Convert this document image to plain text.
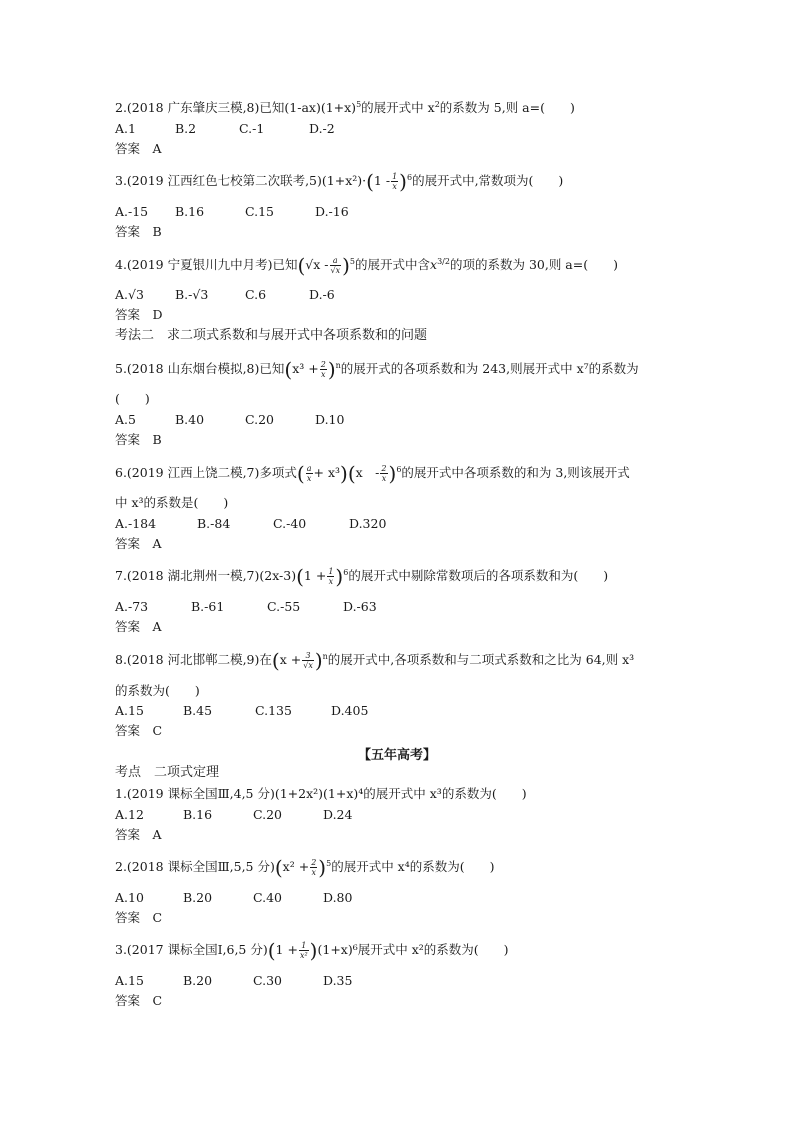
2.(2018 广东肇庆三模,8)已知$(1-ax)(1+x)^5$的展开式中 $x^2$的系数为 5,则 a=(　　)
A.1	B.2	C.-1	D.-2
答案　A
3.(2019 江西红色七校第二次联考$,5)(1+x^2)\cdot(1 - \frac{1}{x} )^6$的展开式中,常数项为(　　)
A.-15 B.16	C.15	D.-16
答案　B
4.(2019 宁夏银川九中月考)已知$(√x - \frac{a}{√x} )^5$的展开式中含$x^{3/2}$的项的系数为 30,则 a=(　　)
A.√3 B.-√3	C.6	D.-6
答案　D
考法二　求二项式系数和与展开式中各项系数和的问题
5.(2018 山东烟台模拟,8)已知$(x^3 + \frac{2}{x} )^n$的展开式的各项系数和为 243,则展开式中 x⁷的系数为
(　　)
A.5	B.40	C.20	D.10
答案　B
6.(2019 江西上饶二模,7)多项式( $\frac{a}{x} + x^3)(x$　- $\frac{2}{x} )^6$的展开式中各项系数的和为 3,则该展开式
中 x³的系数是(　　)
A.-184	B.-84	C.-40	D.320
答案　A
7.(2018 湖北荆州一模$,7)(2x-3)(1 + \frac{1}{x} )^6$的展开式中剔除常数项后的各项系数和为(　　)
A.-73	B.-61	C.-55	D.-63
答案　A
8.(2018 河北邯郸二模,9)在$(x + \frac{3}{√x} )^n$的展开式中,各项系数和与二项式系数和之比为 64,则 x³
的系数为(　　)
A.15	B.45	C.135	D.405
答案　C
【五年高考】
考点　二项式定理
1.(2019 课标全国Ⅲ,4,5 分)(1+2x²)(1+x)⁴的展开式中 x³的系数为(　　)
A.12	B.16	C.20	D.24
答案　A
2.(2018 课标全国Ⅲ,5,5 分)$(x^2 + \frac{2}{x} )^5$的展开式中 x⁴的系数为(　　)
A.10	B.20	C.40	D.80
答案　C
3.(2017 课标全国Ⅰ,6,5 分)$(1 + \frac{1}{\text{x²}} )(1+x)^6$展开式中 x²的系数为(　　)
A.15	B.20	C.30	D.35
答案　C
